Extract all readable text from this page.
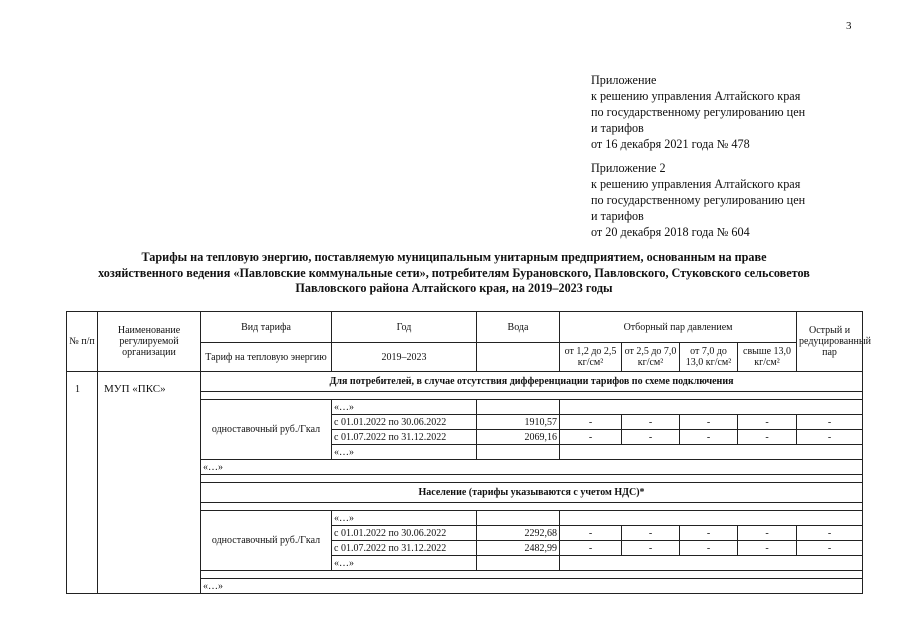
3
Приложение
к решению управления Алтайского края
по государственному регулированию цен
и тарифов
от 16 декабря 2021 года № 478
Приложение 2
к решению управления Алтайского края
по государственному регулированию цен
и тарифов
от 20 декабря 2018 года № 604
Тарифы на тепловую энергию, поставляемую муниципальным унитарным предприятием, основанным на праве
хозяйственного ведения «Павловские коммунальные сети», потребителям Бурановского, Павловского, Стуковского сельсоветов
Павловского района Алтайского края, на 2019–2023 годы
№ п/п	Наименование регулируемой организации	Вид тарифа	Год	Вода	Отборный пар давлением				Острый и редуцированный пар
		Тариф на тепловую энергию	2019–2023		от 1,2 до 2,5 кг/см²	от 2,5 до 7,0 кг/см²	от 7,0 до 13,0 кг/см²	свыше 13,0 кг/см²	
1	МУП «ПКС»	Для потребителей, в случае отсутствия дифференциации тарифов по схеме подключения							

		одноставочный руб./Гкал	«…»						
			с 01.01.2022 по 30.06.2022	1910,57	-	-	-	-	-
			с 01.07.2022 по 31.12.2022	2069,16	-	-	-	-	-
			«…»						
		«…»							

		Население (тарифы указываются с учетом НДС)*							

		одноставочный руб./Гкал	«…»						
			с 01.01.2022 по 30.06.2022	2292,68	-	-	-	-	-
			с 01.07.2022 по 31.12.2022	2482,99	-	-	-	-	-
			«…»						

		«…»							
